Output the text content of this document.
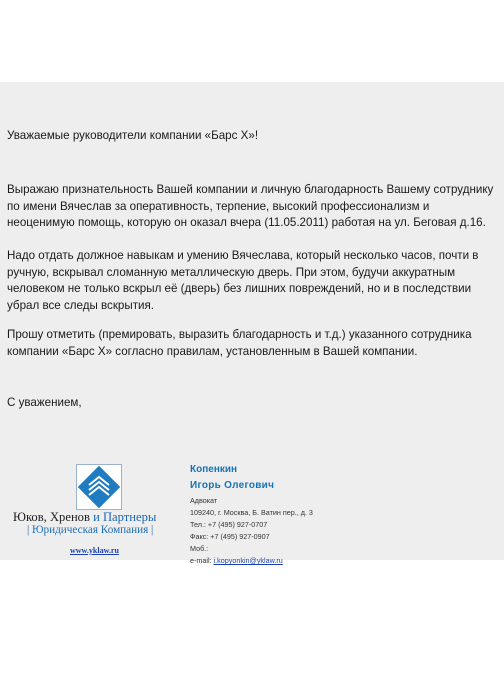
Уважаемые руководители компании «Барс Х»!
Выражаю признательность Вашей компании и личную благодарность Вашему сотруднику по имени Вячеслав за оперативность, терпение, высокий профессионализм и неоценимую помощь, которую он оказал вчера (11.05.2011) работая на ул. Беговая д.16.
Надо отдать должное навыкам и умению Вячеслава, который несколько часов, почти в ручную, вскрывал сломанную металлическую дверь. При этом, будучи аккуратным человеком не только вскрыл её (дверь) без лишних повреждений, но и в последствии убрал все следы вскрытия.
Прошу отметить (премировать, выразить благодарность и т.д.) указанного сотрудника компании «Барс Х» согласно правилам, установленным в Вашей компании.
С уважением,
Юков, Хренов и Партнеры
| Юридическая Компания |
www.yklaw.ru
Копенкин
Игорь Олегович
Адвокат
109240, г. Москва, Б. Ватин пер., д. 3
Тел.: +7 (495) 927-0707
Факс: +7 (495) 927-0907
Моб.:
e-mail: i.kopyonkin@yklaw.ru
